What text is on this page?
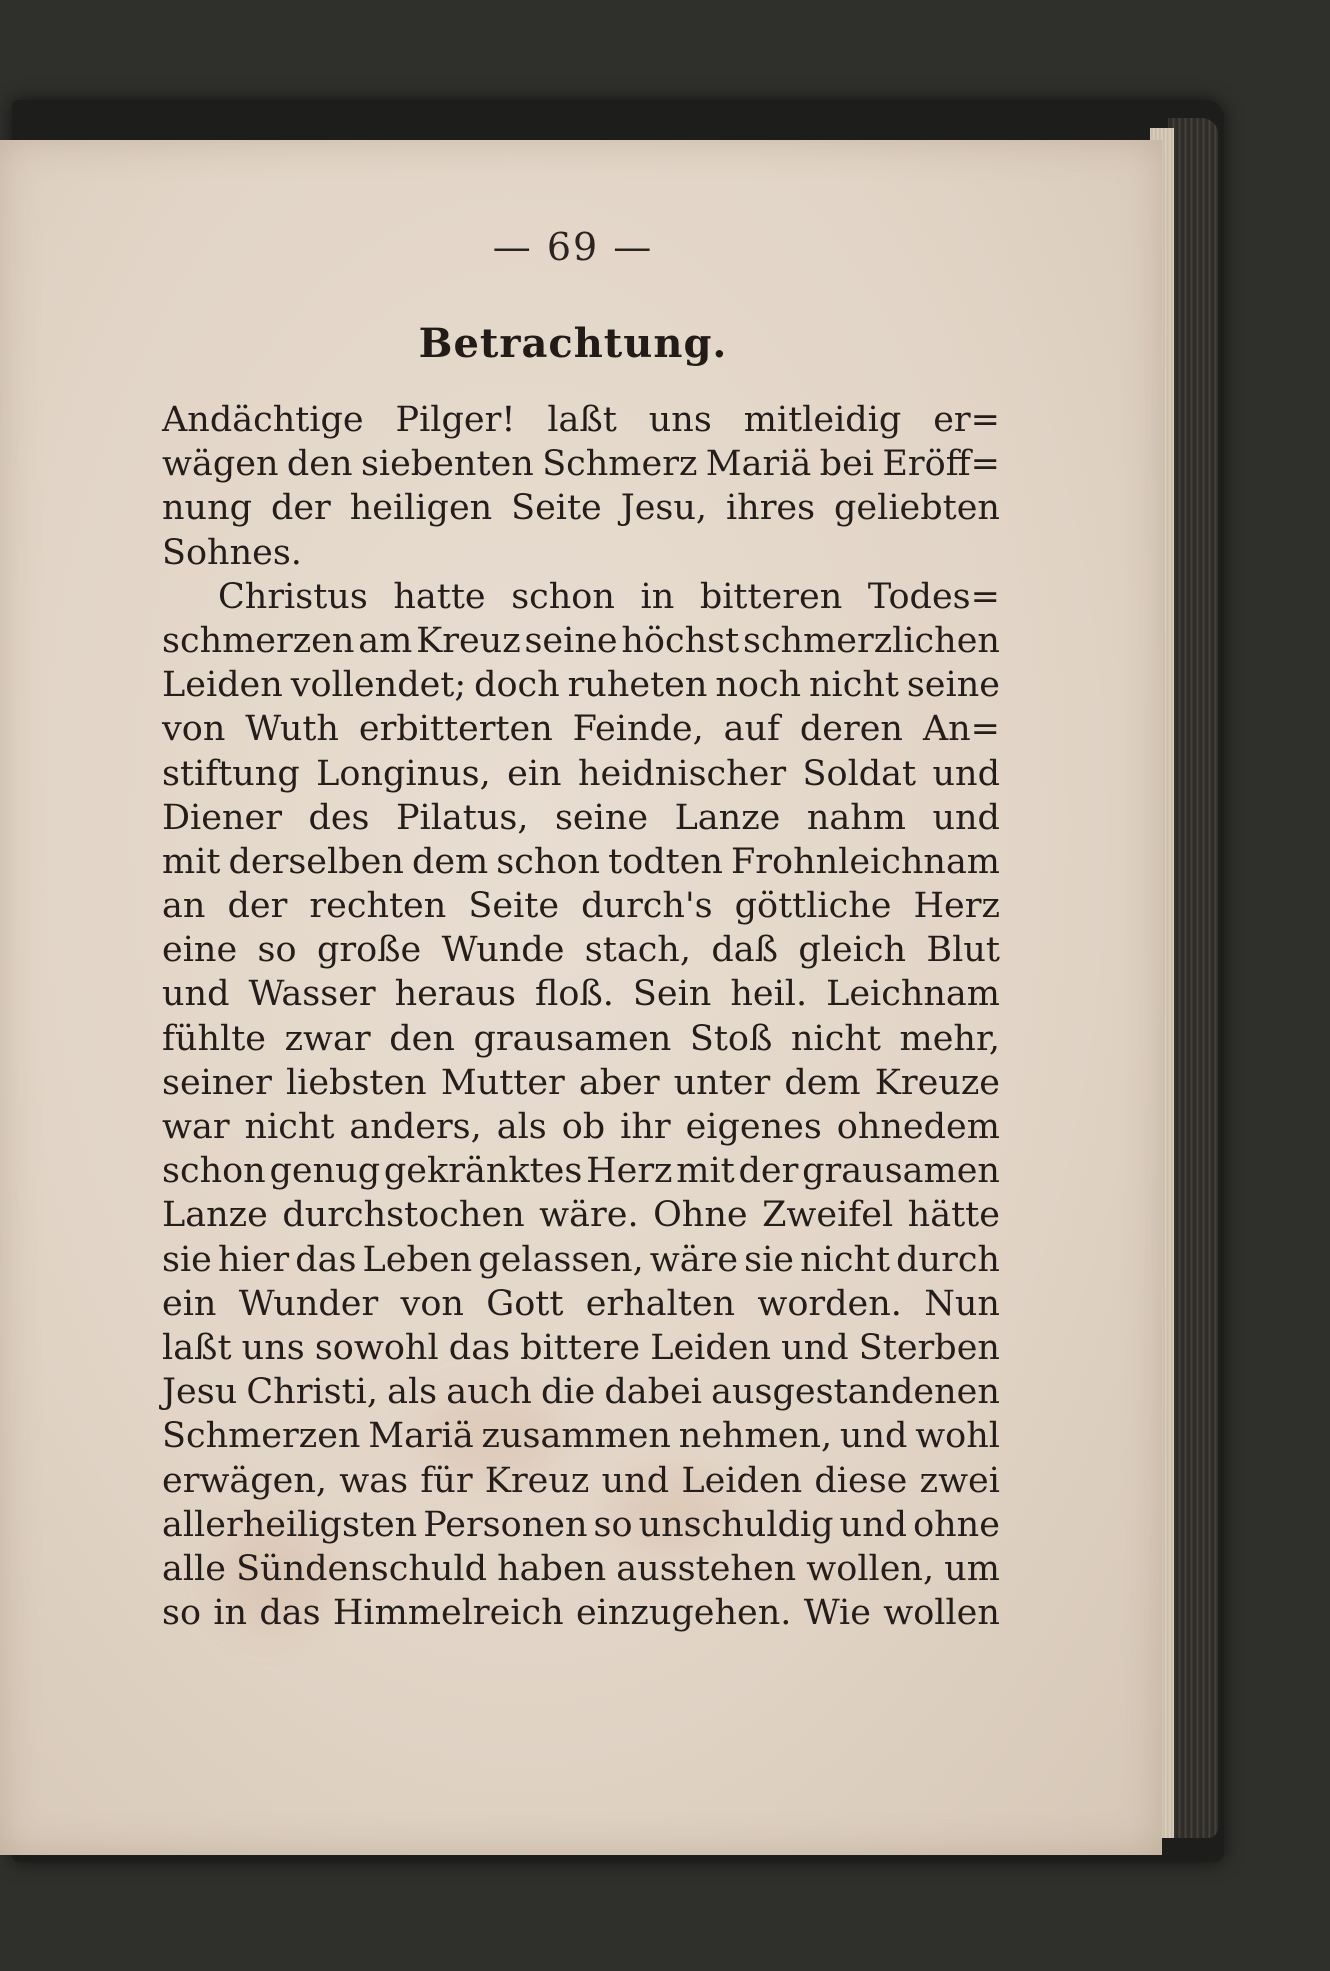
— 69 —
Betrachtung.
Andächtige Pilger! laßt uns mitleidig er=
wägen den siebenten Schmerz Mariä bei Eröff=
nung der heiligen Seite Jesu, ihres geliebten
Sohnes.
Christus hatte schon in bitteren Todes=
schmerzen am Kreuz seine höchst schmerzlichen
Leiden vollendet; doch ruheten noch nicht seine
von Wuth erbitterten Feinde, auf deren An=
stiftung Longinus, ein heidnischer Soldat und
Diener des Pilatus, seine Lanze nahm und
mit derselben dem schon todten Frohnleichnam
an der rechten Seite durch's göttliche Herz
eine so große Wunde stach, daß gleich Blut
und Wasser heraus floß. Sein heil. Leichnam
fühlte zwar den grausamen Stoß nicht mehr,
seiner liebsten Mutter aber unter dem Kreuze
war nicht anders, als ob ihr eigenes ohnedem
schon genug gekränktes Herz mit der grausamen
Lanze durchstochen wäre. Ohne Zweifel hätte
sie hier das Leben gelassen, wäre sie nicht durch
ein Wunder von Gott erhalten worden. Nun
laßt uns sowohl das bittere Leiden und Sterben
Jesu Christi, als auch die dabei ausgestandenen
Schmerzen Mariä zusammen nehmen, und wohl
erwägen, was für Kreuz und Leiden diese zwei
allerheiligsten Personen so unschuldig und ohne
alle Sündenschuld haben ausstehen wollen, um
so in das Himmelreich einzugehen. Wie wollen
